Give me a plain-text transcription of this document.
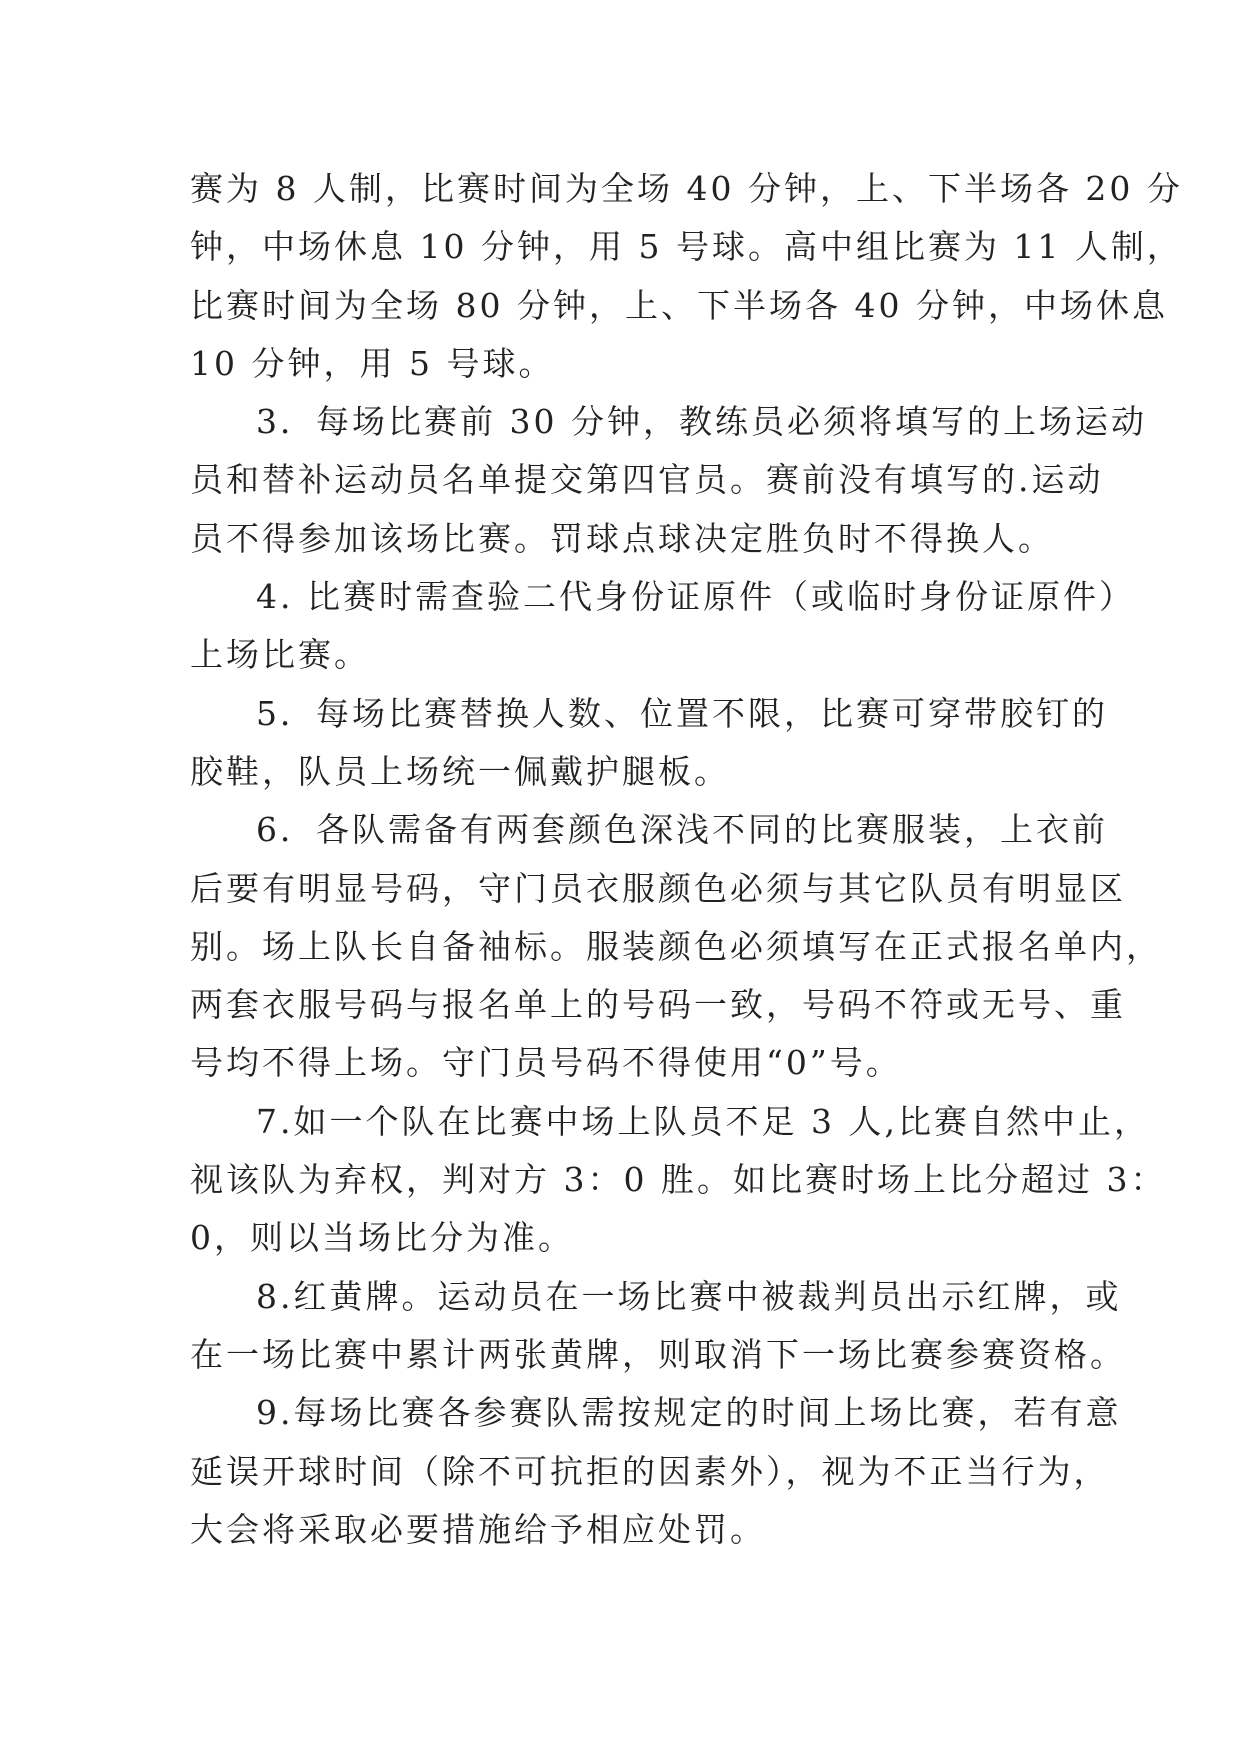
赛为 8 人制，比赛时间为全场 40 分钟，上、下半场各 20 分
钟，中场休息 10 分钟，用 5 号球。高中组比赛为 11 人制，
比赛时间为全场 80 分钟，上、下半场各 40 分钟，中场休息
10 分钟，用 5 号球。
3．每场比赛前 30 分钟，教练员必须将填写的上场运动
员和替补运动员名单提交第四官员。赛前没有填写的.运动
员不得参加该场比赛。罚球点球决定胜负时不得换人。
4. 比赛时需查验二代身份证原件（或临时身份证原件）
上场比赛。
5．每场比赛替换人数、位置不限，比赛可穿带胶钉的
胶鞋，队员上场统一佩戴护腿板。
6．各队需备有两套颜色深浅不同的比赛服装，上衣前
后要有明显号码，守门员衣服颜色必须与其它队员有明显区
别。场上队长自备袖标。服装颜色必须填写在正式报名单内，
两套衣服号码与报名单上的号码一致，号码不符或无号、重
号均不得上场。守门员号码不得使用“0”号。
7.如一个队在比赛中场上队员不足 3 人,比赛自然中止，
视该队为弃权，判对方 3：0 胜。如比赛时场上比分超过 3：
0，则以当场比分为准。
8.红黄牌。运动员在一场比赛中被裁判员出示红牌，或
在一场比赛中累计两张黄牌，则取消下一场比赛参赛资格。
9.每场比赛各参赛队需按规定的时间上场比赛，若有意
延误开球时间（除不可抗拒的因素外），视为不正当行为，
大会将采取必要措施给予相应处罚。
